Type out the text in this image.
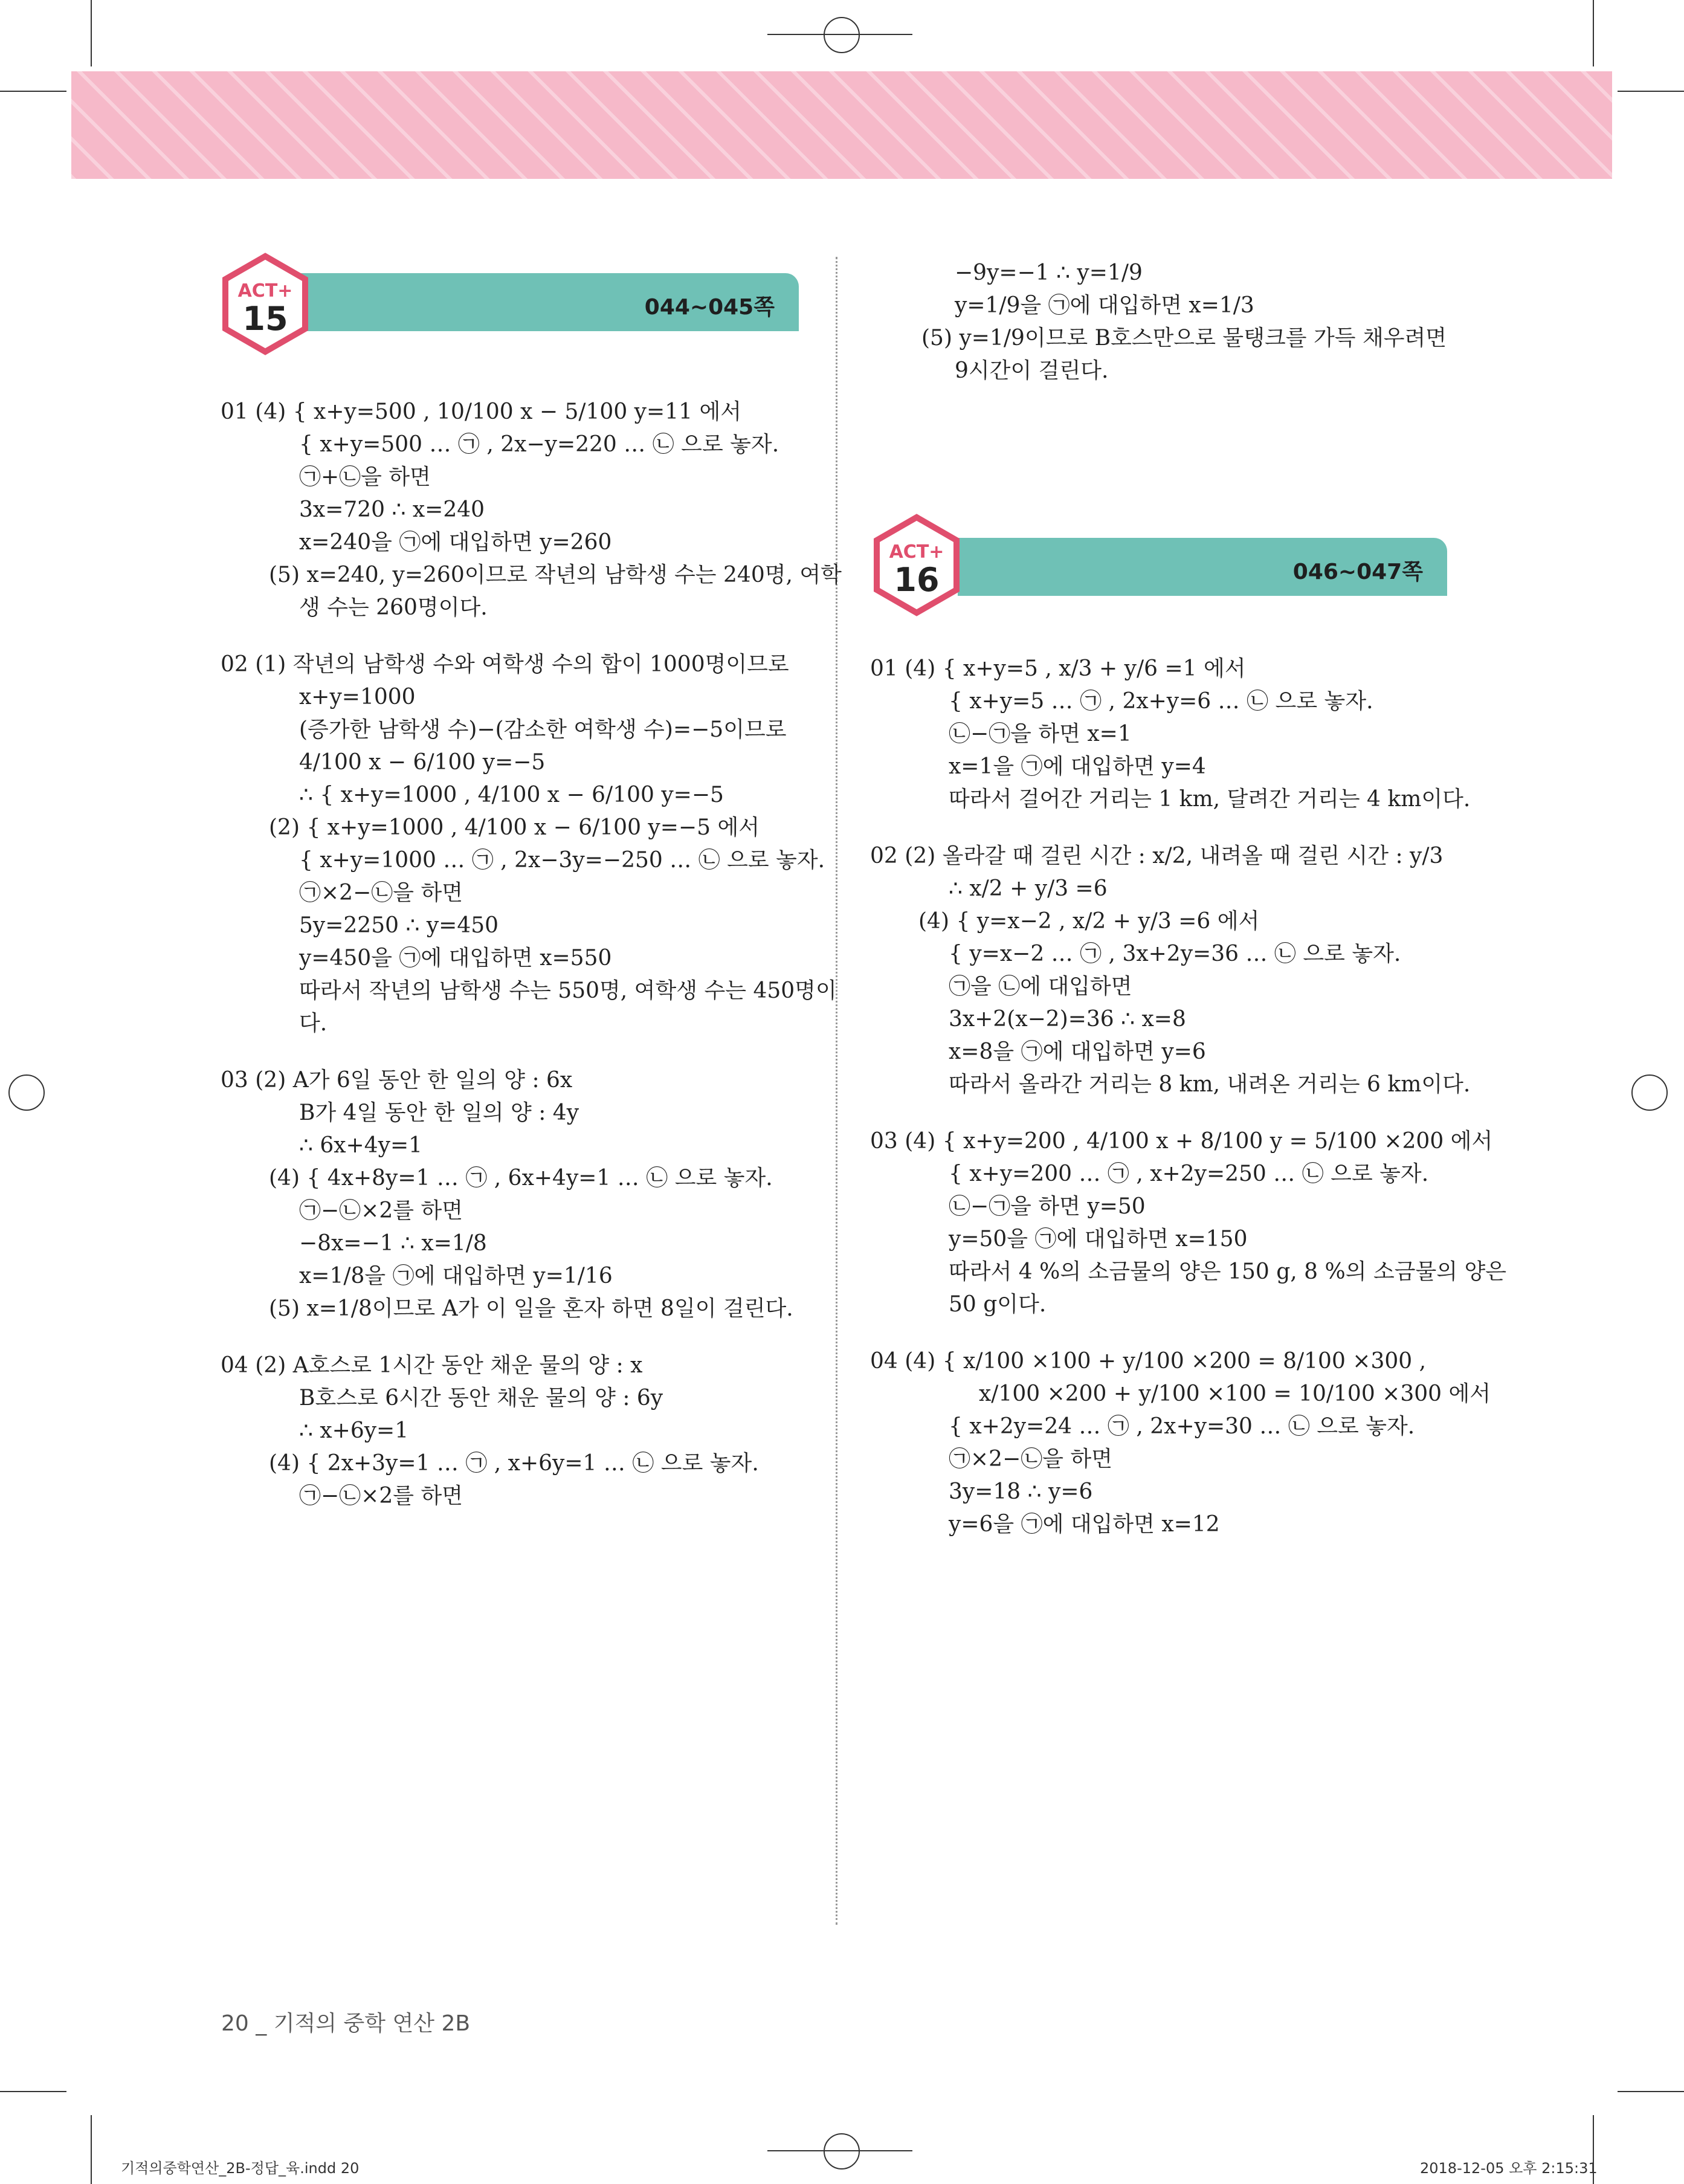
044~045쪽
ACT+
15
046~047쪽
ACT+
16
01 (4) { x+y=500 , 10/100 x − 5/100 y=11 에서
{ x+y=500 … ㉠ , 2x−y=220 … ㉡ 으로 놓자.
㉠+㉡을 하면
3x=720 ∴ x=240
x=240을 ㉠에 대입하면 y=260
(5) x=240, y=260이므로 작년의 남학생 수는 240명, 여학
생 수는 260명이다.
02 (1) 작년의 남학생 수와 여학생 수의 합이 1000명이므로
x+y=1000
(증가한 남학생 수)−(감소한 여학생 수)=−5이므로
4/100 x − 6/100 y=−5
∴ { x+y=1000 , 4/100 x − 6/100 y=−5
(2) { x+y=1000 , 4/100 x − 6/100 y=−5 에서
{ x+y=1000 … ㉠ , 2x−3y=−250 … ㉡ 으로 놓자.
㉠×2−㉡을 하면
5y=2250 ∴ y=450
y=450을 ㉠에 대입하면 x=550
따라서 작년의 남학생 수는 550명, 여학생 수는 450명이
다.
03 (2) A가 6일 동안 한 일의 양 : 6x
B가 4일 동안 한 일의 양 : 4y
∴ 6x+4y=1
(4) { 4x+8y=1 … ㉠ , 6x+4y=1 … ㉡ 으로 놓자.
㉠−㉡×2를 하면
−8x=−1 ∴ x=1/8
x=1/8을 ㉠에 대입하면 y=1/16
(5) x=1/8이므로 A가 이 일을 혼자 하면 8일이 걸린다.
04 (2) A호스로 1시간 동안 채운 물의 양 : x
B호스로 6시간 동안 채운 물의 양 : 6y
∴ x+6y=1
(4) { 2x+3y=1 … ㉠ , x+6y=1 … ㉡ 으로 놓자.
㉠−㉡×2를 하면
−9y=−1 ∴ y=1/9
y=1/9을 ㉠에 대입하면 x=1/3
(5) y=1/9이므로 B호스만으로 물탱크를 가득 채우려면
9시간이 걸린다.
01 (4) { x+y=5 , x/3 + y/6 =1 에서
{ x+y=5 … ㉠ , 2x+y=6 … ㉡ 으로 놓자.
㉡−㉠을 하면 x=1
x=1을 ㉠에 대입하면 y=4
따라서 걸어간 거리는 1 km, 달려간 거리는 4 km이다.
02 (2) 올라갈 때 걸린 시간 : x/2, 내려올 때 걸린 시간 : y/3
∴ x/2 + y/3 =6
(4) { y=x−2 , x/2 + y/3 =6 에서
{ y=x−2 … ㉠ , 3x+2y=36 … ㉡ 으로 놓자.
㉠을 ㉡에 대입하면
3x+2(x−2)=36 ∴ x=8
x=8을 ㉠에 대입하면 y=6
따라서 올라간 거리는 8 km, 내려온 거리는 6 km이다.
03 (4) { x+y=200 , 4/100 x + 8/100 y = 5/100 ×200 에서
{ x+y=200 … ㉠ , x+2y=250 … ㉡ 으로 놓자.
㉡−㉠을 하면 y=50
y=50을 ㉠에 대입하면 x=150
따라서 4 %의 소금물의 양은 150 g, 8 %의 소금물의 양은
50 g이다.
04 (4) { x/100 ×100 + y/100 ×200 = 8/100 ×300 ,
x/100 ×200 + y/100 ×100 = 10/100 ×300 에서
{ x+2y=24 … ㉠ , 2x+y=30 … ㉡ 으로 놓자.
㉠×2−㉡을 하면
3y=18 ∴ y=6
y=6을 ㉠에 대입하면 x=12
20 _ 기적의 중학 연산 2B
기적의중학연산_2B-정답_육.indd 20	2018-12-05 오후 2:15:31
